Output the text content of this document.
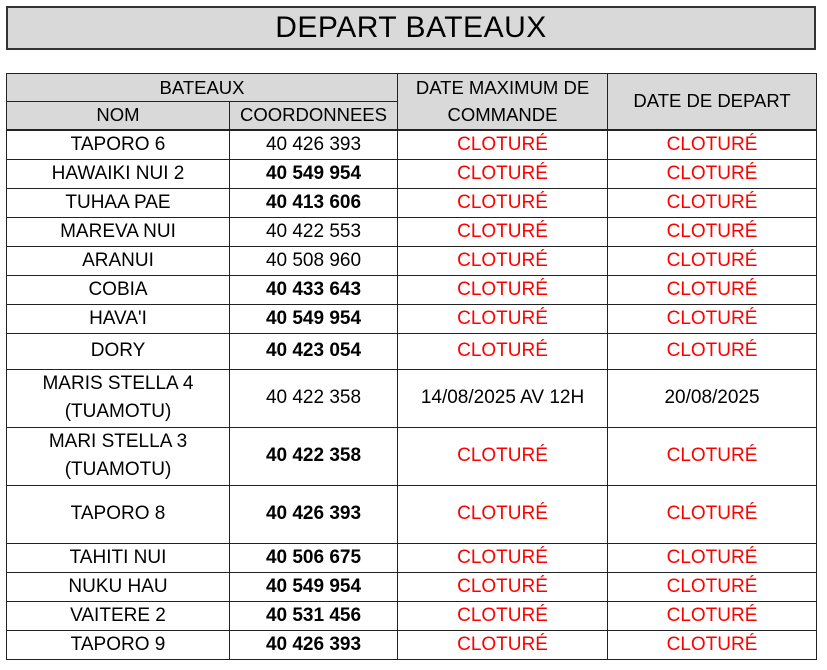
DEPART BATEAUX
BATEAUX		DATE MAXIMUM DE COMMANDE	DATE DE DEPART
NOM	COORDONNEES		

TAPORO 6	40 426 393	CLOTURÉ	CLOTURÉ

HAWAIKI NUI 2	40 549 954	CLOTURÉ	CLOTURÉ

TUHAA PAE	40 413 606	CLOTURÉ	CLOTURÉ

MAREVA NUI	40 422 553	CLOTURÉ	CLOTURÉ

ARANUI	40 508 960	CLOTURÉ	CLOTURÉ

COBIA	40 433 643	CLOTURÉ	CLOTURÉ

HAVA'I	40 549 954	CLOTURÉ	CLOTURÉ

DORY	40 423 054	CLOTURÉ	CLOTURÉ

MARIS STELLA 4
(TUAMOTU)	40 422 358	14/08/2025 AV 12H	20/08/2025

MARI STELLA 3
(TUAMOTU)	40 422 358	CLOTURÉ	CLOTURÉ

TAPORO 8	40 426 393	CLOTURÉ	CLOTURÉ

TAHITI NUI	40 506 675	CLOTURÉ	CLOTURÉ

NUKU HAU	40 549 954	CLOTURÉ	CLOTURÉ

VAITERE 2	40 531 456	CLOTURÉ	CLOTURÉ

TAPORO 9	40 426 393	CLOTURÉ	CLOTURÉ
